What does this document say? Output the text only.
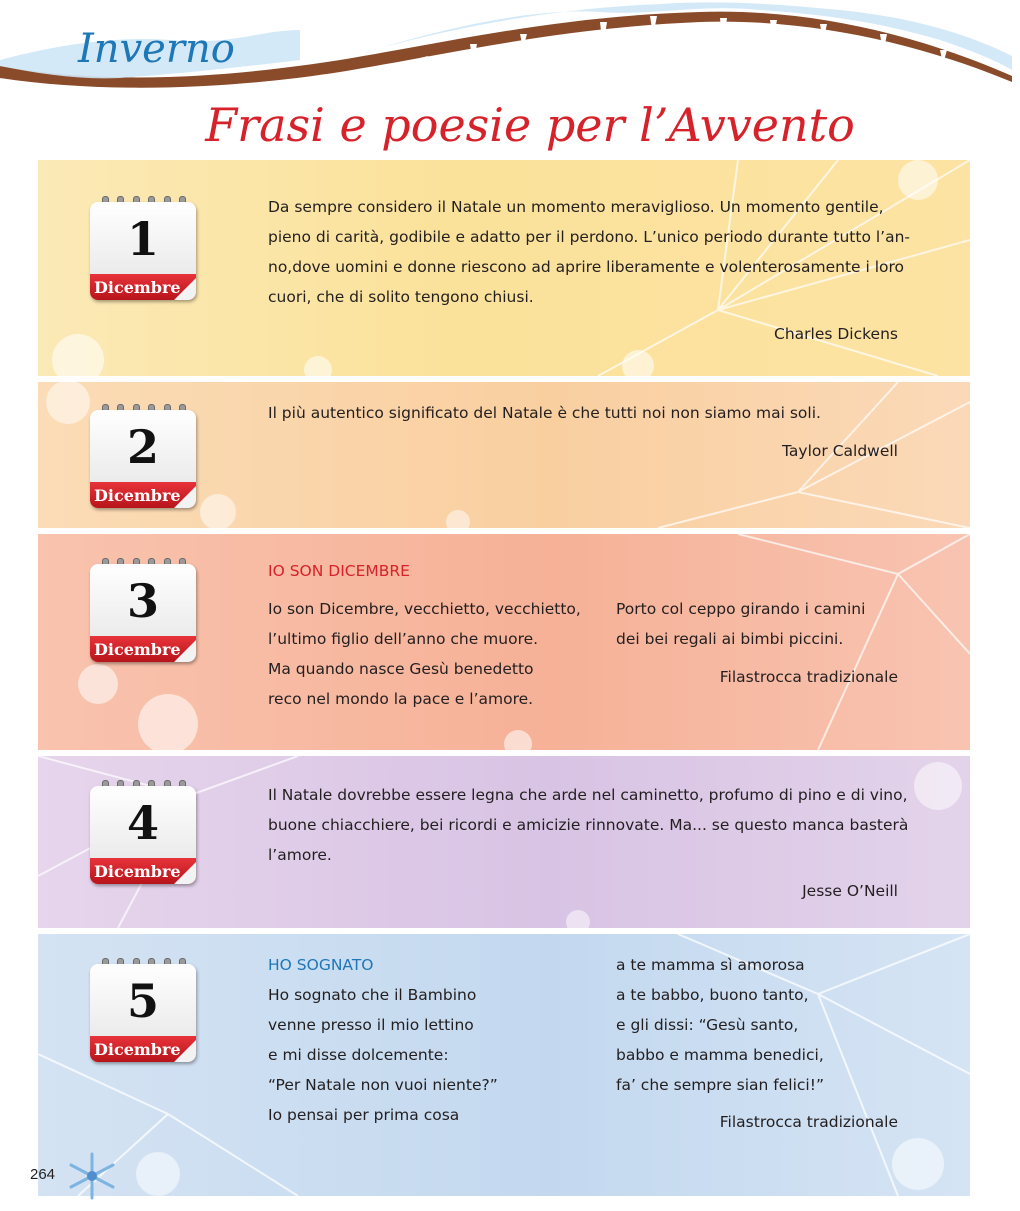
Inverno
Frasi e poesie per l’Avvento
1
Dicembre
2
Dicembre
3
Dicembre
4
Dicembre
5
Dicembre
Da sempre considero il Natale un momento meraviglioso. Un momento gentile,
pieno di carità, godibile e adatto per il perdono. L’unico periodo durante tutto l’an-
no,dove uomini e donne riescono ad aprire liberamente e volenterosamente i loro
cuori, che di solito tengono chiusi.
Charles Dickens
Il più autentico significato del Natale è che tutti noi non siamo mai soli.
Taylor Caldwell
IO SON DICEMBRE
Io son Dicembre, vecchietto, vecchietto,
l’ultimo figlio dell’anno che muore.
Ma quando nasce Gesù benedetto
reco nel mondo la pace e l’amore.
Porto col ceppo girando i camini
dei bei regali ai bimbi piccini.
Filastrocca tradizionale
Il Natale dovrebbe essere legna che arde nel caminetto, profumo di pino e di vino,
buone chiacchiere, bei ricordi e amicizie rinnovate. Ma... se questo manca basterà
l’amore.
Jesse O’Neill
HO SOGNATO
Ho sognato che il Bambino
venne presso il mio lettino
e mi disse dolcemente:
“Per Natale non vuoi niente?”
Io pensai per prima cosa
a te mamma sì amorosa
a te babbo, buono tanto,
e gli dissi: “Gesù santo,
babbo e mamma benedici,
fa’ che sempre sian felici!”
Filastrocca tradizionale
264
